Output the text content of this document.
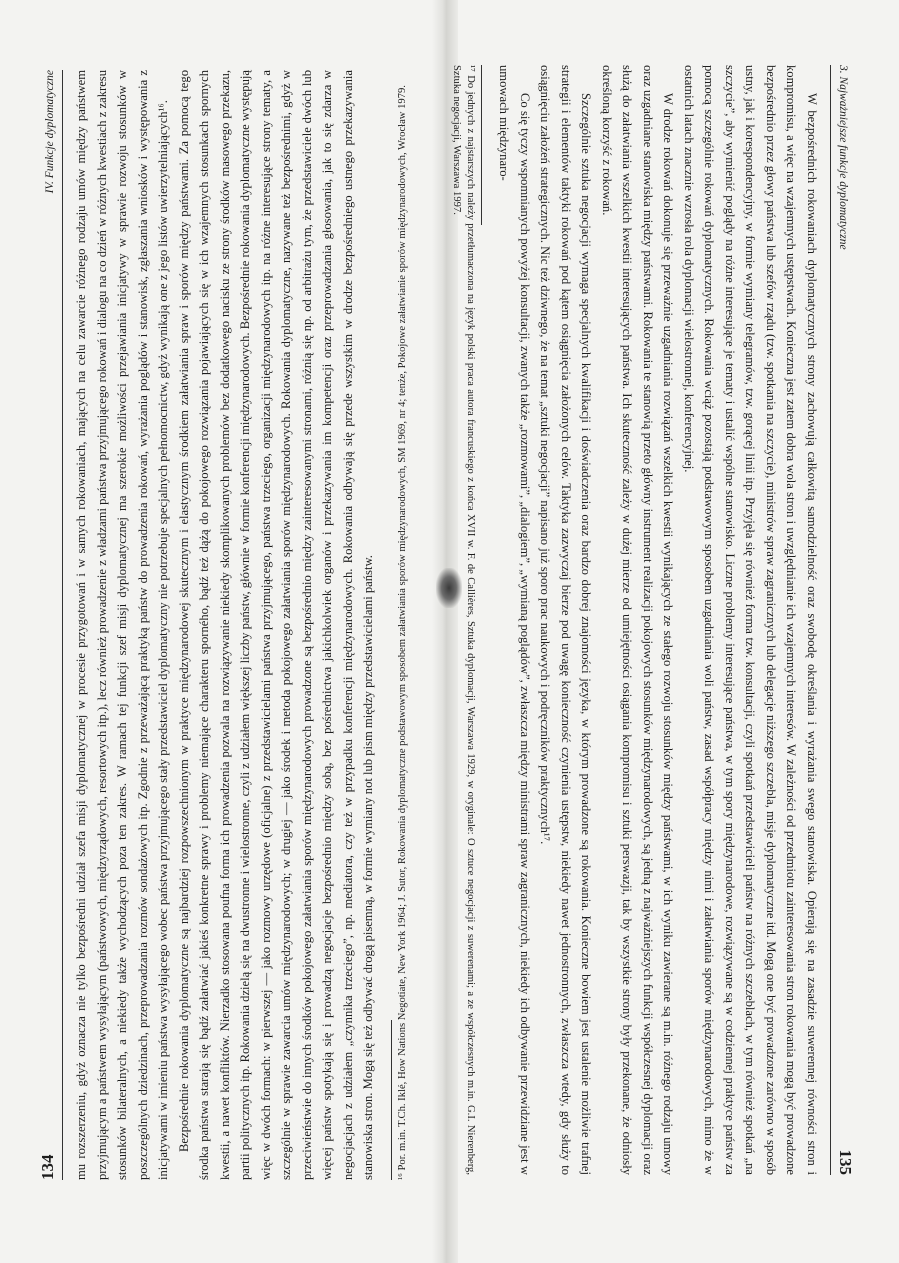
134
IV. Funkcje dyplomatyczne mu rozszerzeniu, gdyż oznacza nie tylko bezpośredni udział szefa misji dyplomatycznej w procesie przygotowań i w samych rokowaniach, mających na celu zawarcie różnego rodzaju umów między państwem przyjmującym a państwem wysyłającym (państwowych, międzyrządowych, resortowych itp.), lecz również prowadzenie z władzami państwa przyjmującego rokowań i dialogu na co dzień w różnych kwestiach z zakresu stosunków bilateralnych, a niekiedy także wychodzących poza ten zakres. W ramach tej funkcji szef misji dyplomatycznej ma szerokie możliwości przejawiania inicjatywy w sprawie rozwoju stosunków w poszczególnych dziedzinach, przeprowadzania rozmów sondażowych itp. Zgodnie z przeważającą praktyką państw do prowadzenia rokowań, wyrażania poglądów i stanowisk, zgłaszania wniosków i występowania z inicjatywami w imieniu państwa wysyłającego wobec państwa przyjmującego stały przedstawiciel dyplomatyczny nie potrzebuje specjalnych pełnomocnictw, gdyż wynikają one z jego listów uwierzytelniających¹⁶. Bezpośrednie rokowania dyplomatyczne są najbardziej rozpowszechnionym w praktyce międzynarodowej skutecznym i elastycznym środkiem załatwiania spraw i sporów między państwami. Za pomocą tego środka państwa starają się bądź załatwiać jakieś konkretne sprawy i problemy niemające charakteru sporného, bądź też dążą do pokojowego rozwiązania pojawiających się w ich wzajemnych stosunkach spornych kwestii, a nawet konfliktów. Nierzadko stosowana poufna forma ich prowadzenia pozwala na rozwiązywanie niekiedy skomplikowanych problemów bez dodatkowego nacisku ze strony środków masowego przekazu, partii politycznych itp. Rokowania dzielą się na dwustronne i wielostronne, czyli z udziałem większej liczby państw, głównie w formie konferencji międzynarodowych. Bezpośrednie rokowania dyplomatyczne występują więc w dwóch formach: w pierwszej — jako rozmowy urzędowe (oficjalne) z przedstawicielami państwa przyjmującego, państwa trzeciego, organizacji międzynarodowych itp. na różne interesujące strony tematy, a szczególnie w sprawie zawarcia umów międzynarodowych; w drugiej — jako środek i metoda pokojowego załatwiania sporów międzynarodowych. Rokowania dyplomatyczne, nazywane też bezpośrednimi, gdyż w przeciwieństwie do innych środków pokojowego załatwiania sporów międzynarodowych prowadzone są bezpośrednio między zainteresowanymi stronami, różnią się np. od arbitrażu tym, że przedstawiciele dwóch lub więcej państw spotykają się i prowadzą negocjacje bezpośrednio między sobą, bez pośrednictwa jakichkolwiek organów i przekazywania im kompetencji oraz przeprowadzania głosowania, jak to się zdarza w negocjacjach z udziałem „czynnika trzeciego”, np. mediatora, czy też w przypadku konferencji międzynarodowych. Rokowania odbywają się przede wszystkim w drodze bezpośredniego ustnego przekazywania stanowiska stron. Mogą się też odbywać drogą pisemną, w formie wymiany not lub pism między przedstawicielami państw.	¹⁶ Por. m.in. T.Ch. Iklé, How Nations Negotiate, New York 1964; J. Sutor, Rokowania dyplomatyczne podstawowym sposobem załatwiania sporów międzynarodowych, SM 1969, nr 4; tenże, Pokojowe załatwianie sporów międzynarodowych, Wrocław 1979.	3. Najważniejsze funkcje dyplomatyczne
135

W bezpośrednich rokowaniach dyplomatycznych strony zachowują całkowitą samodzielność oraz swobodę określania i wyrażania swego stanowiska. Opierają się na zasadzie suwerennej równości stron i kompromisu, a więc na wzajemnych ustępstwach. Konieczna jest zatem dobra wola stron i uwzględnianie ich wzajemnych interesów. W zależności od przedmiotu zainteresowania stron rokowania mogą być prowadzone bezpośrednio przez głowy państwa lub szefów rządu (tzw. spotkania na szczycie), ministrów spraw zagranicznych lub delegacje niższego szczebla, misje dyplomatyczne itd. Mogą one być prowadzone zarówno w sposób ustny, jak i korespondencyjny, w formie wymiany telegramów, tzw. gorącej linii itp. Przyjęła się również forma tzw. konsultacji, czyli spotkań przedstawicieli państw na różnych szczeblach, w tym również spotkań „na szczycie”, aby wymienić poglądy na różne interesujące je tematy i ustalić wspólne stanowisko. Liczne problemy interesujące państwa, w tym spory międzynarodowe, rozwiązywane są w codziennej praktyce państw za pomocą szczególnie rokowań dyplomatycznych. Rokowania wciąż pozostają podstawowym sposobem uzgadniania woli państw, zasad współpracy między nimi i załatwiania sporów międzynarodowych, mimo że w ostatnich latach znacznie wzrosła rola dyplomacji wielostronnej, konferencyjnej.

W drodze rokowań dokonuje się przeważnie uzgadniania rozwiązań wszelkich kwestii wynikających ze stałego rozwoju stosunków między państwami, w ich wyniku zawierane są m.in. różnego rodzaju umowy oraz uzgadniane stanowiska między państwami. Rokowania te stanowią przeto główny instrument realizacji pokojowych stosunków międzynarodowych, są jedną z najważniejszych funkcji współczesnej dyplomacji oraz służą do załatwiania wszelkich kwestii interesujących państwa. Ich skuteczność zależy w dużej mierze od umiejętności osiągania kompromisu i sztuki perswazji, tak by wszystkie strony były przekonane, że odniosły określoną korzyść z rokowań.

Szczególnie sztuka negocjacji wymaga specjalnych kwalifikacji i doświadczenia oraz bardzo dobrej znajomości języka, w którym prowadzone są rokowania. Konieczne bowiem jest ustalenie możliwie trafnej strategii i elementów taktyki rokowań pod kątem osiągnięcia założonych celów. Taktyka zazwyczaj bierze pod uwagę konieczność czynienia ustępstw, niekiedy nawet jednostronnych, zwłaszcza wtedy, gdy służy to osiągnięciu założeń strategicznych. Nic też dziwnego, że na temat „sztuki negocjacji” napisano już sporo prac naukowych i podręczników praktycznych¹⁷.

Co się tyczy wspomnianych powyżej konsultacji, zwanych także „rozmowami”, „dialogiem”, „wymianą poglądów”, zwłaszcza między ministrami spraw zagranicznych, niekiedy ich odbywanie przewidziane jest w umowach międzynaro-

¹⁷ Do jednych z najstarszych należy przetłumaczona na język polski praca autora francuskiego z końca XVII w. F. de Callières, Sztuka dyplomacji, Warszawa 1929, w oryginale: O sztuce negocjacji z suwerenami; a ze współczesnych m.in. G.I. Nierenberg, Sztuka negocjacji, Warszawa 1997.
